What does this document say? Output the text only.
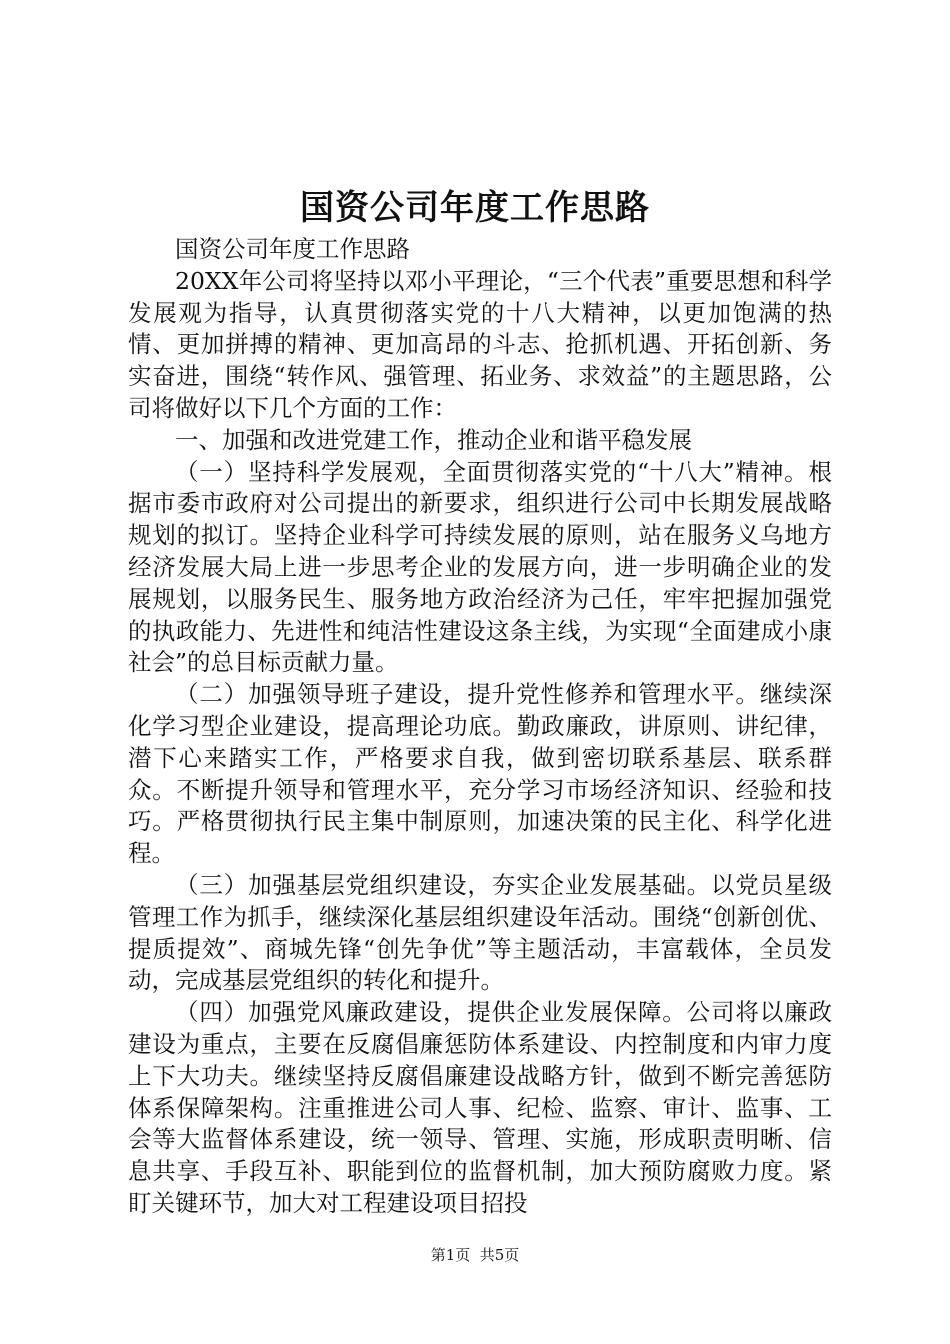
国资公司年度工作思路

国资公司年度工作思路

20XX年公司将坚持以邓小平理论，“三个代表”重要思想和科学发展观为指导，认真贯彻落实党的十八大精神，以更加饱满的热情、更加拼搏的精神、更加高昂的斗志、抢抓机遇、开拓创新、务实奋进，围绕“转作风、强管理、拓业务、求效益”的主题思路，公司将做好以下几个方面的工作：

一、加强和改进党建工作，推动企业和谐平稳发展

（一）坚持科学发展观，全面贯彻落实党的“十八大”精神。根据市委市政府对公司提出的新要求，组织进行公司中长期发展战略规划的拟订。坚持企业科学可持续发展的原则，站在服务义乌地方经济发展大局上进一步思考企业的发展方向，进一步明确企业的发展规划，以服务民生、服务地方政治经济为己任，牢牢把握加强党的执政能力、先进性和纯洁性建设这条主线，为实现“全面建成小康社会”的总目标贡献力量。

（二）加强领导班子建设，提升党性修养和管理水平。继续深化学习型企业建设，提高理论功底。勤政廉政，讲原则、讲纪律，潜下心来踏实工作，严格要求自我，做到密切联系基层、联系群众。不断提升领导和管理水平，充分学习市场经济知识、经验和技巧。严格贯彻执行民主集中制原则，加速决策的民主化、科学化进程。

（三）加强基层党组织建设，夯实企业发展基础。以党员星级管理工作为抓手，继续深化基层组织建设年活动。围绕“创新创优、提质提效”、商城先锋“创先争优”等主题活动，丰富载体，全员发动，完成基层党组织的转化和提升。

（四）加强党风廉政建设，提供企业发展保障。公司将以廉政建设为重点，主要在反腐倡廉惩防体系建设、内控制度和内审力度上下大功夫。继续坚持反腐倡廉建设战略方针，做到不断完善惩防体系保障架构。注重推进公司人事、纪检、监察、审计、监事、工会等大监督体系建设，统一领导、管理、实施，形成职责明晰、信息共享、手段互补、职能到位的监督机制，加大预防腐败力度。紧盯关键环节，加大对工程建设项目招投

第1页  共5页
